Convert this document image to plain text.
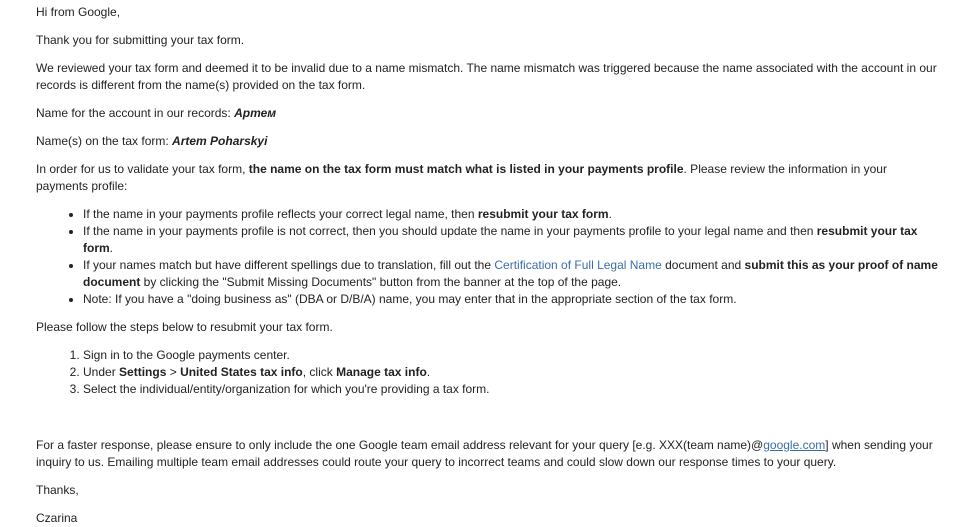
Hi from Google,

Thank you for submitting your tax form.

We reviewed your tax form and deemed it to be invalid due to a name mismatch. The name mismatch was triggered because the name associated with the account in our records is different from the name(s) provided on the tax form.

Name for the account in our records: Артем

Name(s) on the tax form: Artem Poharskyi

In order for us to validate your tax form, the name on the tax form must match what is listed in your payments profile. Please review the information in your payments profile:

• If the name in your payments profile reflects your correct legal name, then resubmit your tax form.
• If the name in your payments profile is not correct, then you should update the name in your payments profile to your legal name and then resubmit your tax form.
• If your names match but have different spellings due to translation, fill out the Certification of Full Legal Name document and submit this as your proof of name document by clicking the "Submit Missing Documents" button from the banner at the top of the page.
• Note: If you have a "doing business as" (DBA or D/B/A) name, you may enter that in the appropriate section of the tax form.

Please follow the steps below to resubmit your tax form.

1. Sign in to the Google payments center.
2. Under Settings > United States tax info, click Manage tax info.
3. Select the individual/entity/organization for which you're providing a tax form.

For a faster response, please ensure to only include the one Google team email address relevant for your query [e.g. XXX(team name)@google.com] when sending your inquiry to us. Emailing multiple team email addresses could route your query to incorrect teams and could slow down our response times to your query.

Thanks,

Czarina
